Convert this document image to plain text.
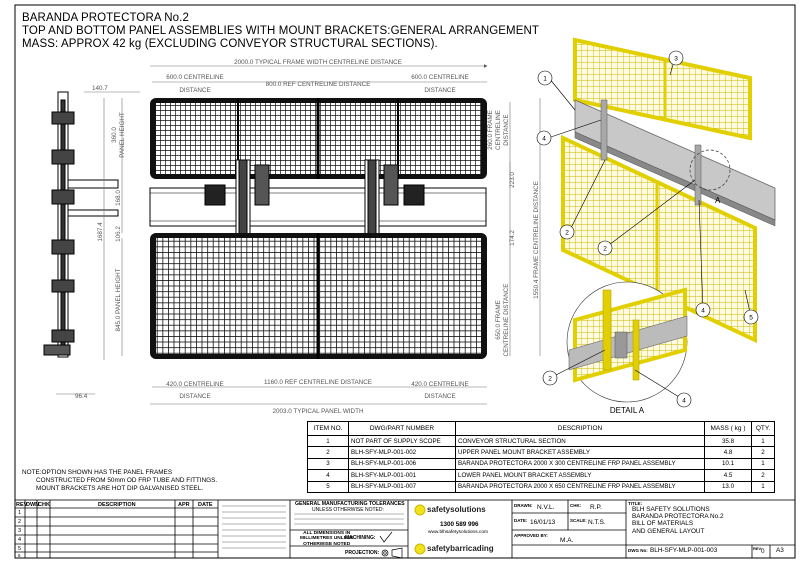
BARANDA PROTECTORA No.2
TOP AND BOTTOM PANEL ASSEMBLIES WITH MOUNT BRACKETS:GENERAL ARRANGEMENT
MASS: APPROX 42 kg (EXCLUDING CONVEYOR STRUCTURAL SECTIONS).
2000.0 TYPICAL FRAME WIDTH CENTRELINE DISTANCE
600.0 CENTRELINE
DISTANCE
800.0 REF CENTRELINE DISTANCE
600.0 CENTRELINE
DISTANCE
140.7
96.4
1160.0 REF CENTRELINE DISTANCE
420.0 CENTRELINE
DISTANCE
420.0 CENTRELINE
DISTANCE
2003.0 TYPICAL PANEL WIDTH
1687.4
360.0 PANEL HEIGHT
168.0
106.2
845.0 PANEL HEIGHT
260.0 FRAME CENTRELINE DISTANCE
223.0
174.2	1550.4 FRAME CENTRELINE DISTANCE
650.0 FRAME CENTRELINE DISTANCE
A
DETAIL A
1
3
4
2
2
4
5
2
4
ITEM NO.	DWG/PART NUMBER	DESCRIPTION	MASS ( kg )	QTY.
1	NOT PART OF SUPPLY SCOPE	CONVEYOR STRUCTURAL SECTION	35.8	1
2	BLH-SFY-MLP-001-002	UPPER PANEL MOUNT BRACKET ASSEMBLY	4.8	2
3	BLH-SFY-MLP-001-006	BARANDA PROTECTORA 2000 X 300 CENTRELINE FRP PANEL ASSEMBLY	10.1	1
4	BLH-SFY-MLP-001-001	LOWER PANEL MOUNT BRACKET ASSEMBLY	4.5	2
5	BLH-SFY-MLP-001-007	BARANDA PROTECTORA 2000 X 650 CENTRELINE FRP PANEL ASSEMBLY	13.0	1
NOTE:OPTION SHOWN HAS THE PANEL FRAMES
CONSTRUCTED FROM 50mm OD FRP TUBE AND FITTINGS.
MOUNT BRACKETS ARE HOT DIP GALVANISED STEEL.
REV
DWN
CHK	DESCRIPTION	APR DATE
1
2
3
4
5
6
GENERAL MANUFACTURING TOLERANCES
UNLESS OTHERWISE NOTED:
ALL DIMENSIONS IN
MILLIMETRES UNLESS
OTHERWISE NOTED
MACHINING:
PROJECTION:
safetysolutions
1300 589 996
www.blhsafetysolutions.com
safetybarricading
DRAWN: N.V.L.	CHK: R.P.
DATE: 16/01/13	SCALE: N.T.S.
APPROVED BY:
M.A.
TITLE:
BLH SAFETY SOLUTIONS
BARANDA PROTECTORA No.2
BILL OF MATERIALS
AND GENERAL LAYOUT
DWG No: BLH-SFY-MLP-001-003	REV:
0 A3
